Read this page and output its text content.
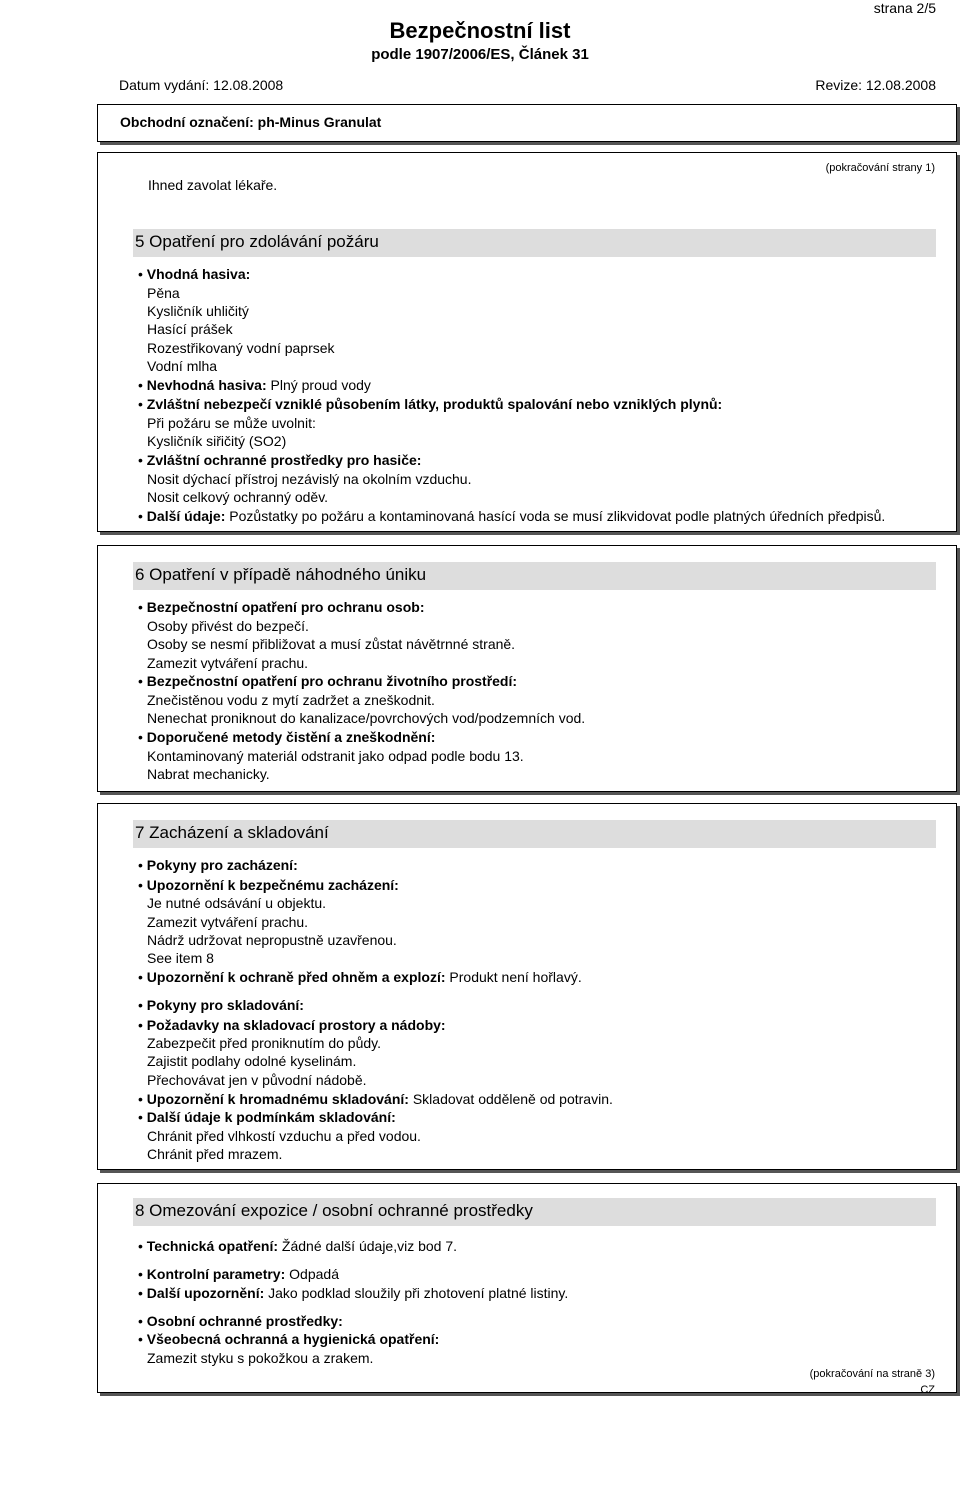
strana 2/5
Bezpečnostní list
podle 1907/2006/ES, Článek 31
Datum vydání: 12.08.2008	Revize: 12.08.2008
Obchodní označení: ph-Minus Granulat
Ihned zavolat lékaře.
(pokračování strany 1)
5 Opatření pro zdolávání požáru
• Vhodná hasiva:
Pěna
Kysličník uhličitý
Hasící prášek
Rozestřikovaný vodní paprsek
Vodní mlha
• Nevhodná hasiva: Plný proud vody
• Zvláštní nebezpečí vzniklé působením látky, produktů spalování nebo vzniklých plynů:
Při požáru se může uvolnit:
Kysličník siřičitý (SO2)
• Zvláštní ochranné prostředky pro hasiče:
Nosit dýchací přístroj nezávislý na okolním vzduchu.
Nosit celkový ochranný oděv.
• Další údaje: Pozůstatky po požáru a kontaminovaná hasící voda se musí zlikvidovat podle platných úředních předpisů.
6 Opatření v případě náhodného úniku
• Bezpečnostní opatření pro ochranu osob:
Osoby přivést do bezpečí.
Osoby se nesmí přibližovat a musí zůstat návětrnné straně.
Zamezit vytváření prachu.
• Bezpečnostní opatření pro ochranu životního prostředí:
Znečistěnou vodu z mytí zadržet a zneškodnit.
Nenechat proniknout do kanalizace/povrchových vod/podzemních vod.
• Doporučené metody čistění a zneškodnění:
Kontaminovaný materiál odstranit jako odpad podle bodu 13.
Nabrat mechanicky.
7 Zacházení a skladování
• Pokyny pro zacházení:
• Upozornění k bezpečnému zacházení:
Je nutné odsávání u objektu.
Zamezit vytváření prachu.
Nádrž udržovat nepropustně uzavřenou.
See item 8
• Upozornění k ochraně před ohněm a explozí: Produkt není hořlavý.
• Pokyny pro skladování:
• Požadavky na skladovací prostory a nádoby:
Zabezpečit před proniknutím do půdy.
Zajistit podlahy odolné kyselinám.
Přechovávat jen v původní nádobě.
• Upozornění k hromadnému skladování: Skladovat odděleně od potravin.
• Další údaje k podmínkám skladování:
Chránit před vlhkostí vzduchu a před vodou.
Chránit před mrazem.
8 Omezování expozice / osobní ochranné prostředky
• Technická opatření: Žádné další údaje,viz bod 7.
• Kontrolní parametry: Odpadá
• Další upozornění: Jako podklad sloužily při zhotovení platné listiny.
• Osobní ochranné prostředky:
• Všeobecná ochranná a hygienická opatření:
Zamezit styku s pokožkou a zrakem.
(pokračování na straně 3)
CZ
